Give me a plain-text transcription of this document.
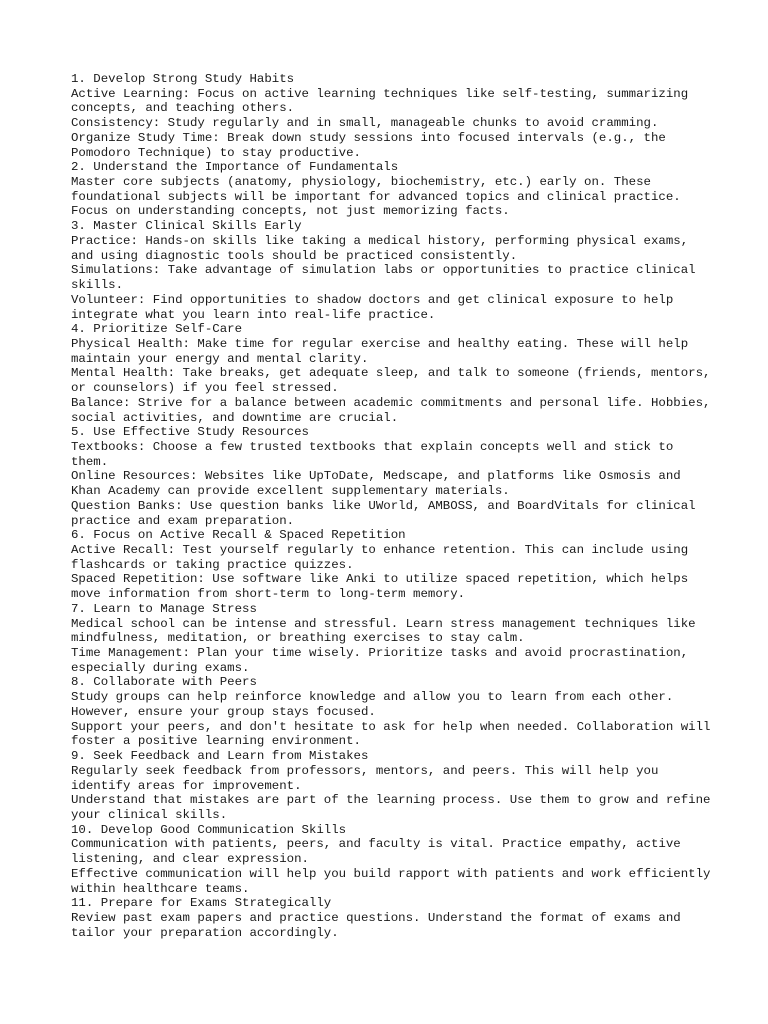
1. Develop Strong Study Habits
Active Learning: Focus on active learning techniques like self-testing, summarizing concepts, and teaching others.
Consistency: Study regularly and in small, manageable chunks to avoid cramming.
Organize Study Time: Break down study sessions into focused intervals (e.g., the Pomodoro Technique) to stay productive.
2. Understand the Importance of Fundamentals
Master core subjects (anatomy, physiology, biochemistry, etc.) early on. These foundational subjects will be important for advanced topics and clinical practice.
Focus on understanding concepts, not just memorizing facts.
3. Master Clinical Skills Early
Practice: Hands-on skills like taking a medical history, performing physical exams, and using diagnostic tools should be practiced consistently.
Simulations: Take advantage of simulation labs or opportunities to practice clinical skills.
Volunteer: Find opportunities to shadow doctors and get clinical exposure to help integrate what you learn into real-life practice.
4. Prioritize Self-Care
Physical Health: Make time for regular exercise and healthy eating. These will help maintain your energy and mental clarity.
Mental Health: Take breaks, get adequate sleep, and talk to someone (friends, mentors, or counselors) if you feel stressed.
Balance: Strive for a balance between academic commitments and personal life. Hobbies, social activities, and downtime are crucial.
5. Use Effective Study Resources
Textbooks: Choose a few trusted textbooks that explain concepts well and stick to them.
Online Resources: Websites like UpToDate, Medscape, and platforms like Osmosis and Khan Academy can provide excellent supplementary materials.
Question Banks: Use question banks like UWorld, AMBOSS, and BoardVitals for clinical practice and exam preparation.
6. Focus on Active Recall & Spaced Repetition
Active Recall: Test yourself regularly to enhance retention. This can include using flashcards or taking practice quizzes.
Spaced Repetition: Use software like Anki to utilize spaced repetition, which helps move information from short-term to long-term memory.
7. Learn to Manage Stress
Medical school can be intense and stressful. Learn stress management techniques like mindfulness, meditation, or breathing exercises to stay calm.
Time Management: Plan your time wisely. Prioritize tasks and avoid procrastination, especially during exams.
8. Collaborate with Peers
Study groups can help reinforce knowledge and allow you to learn from each other. However, ensure your group stays focused.
Support your peers, and don't hesitate to ask for help when needed. Collaboration will foster a positive learning environment.
9. Seek Feedback and Learn from Mistakes
Regularly seek feedback from professors, mentors, and peers. This will help you identify areas for improvement.
Understand that mistakes are part of the learning process. Use them to grow and refine your clinical skills.
10. Develop Good Communication Skills
Communication with patients, peers, and faculty is vital. Practice empathy, active listening, and clear expression.
Effective communication will help you build rapport with patients and work efficiently within healthcare teams.
11. Prepare for Exams Strategically
Review past exam papers and practice questions. Understand the format of exams and tailor your preparation accordingly.
